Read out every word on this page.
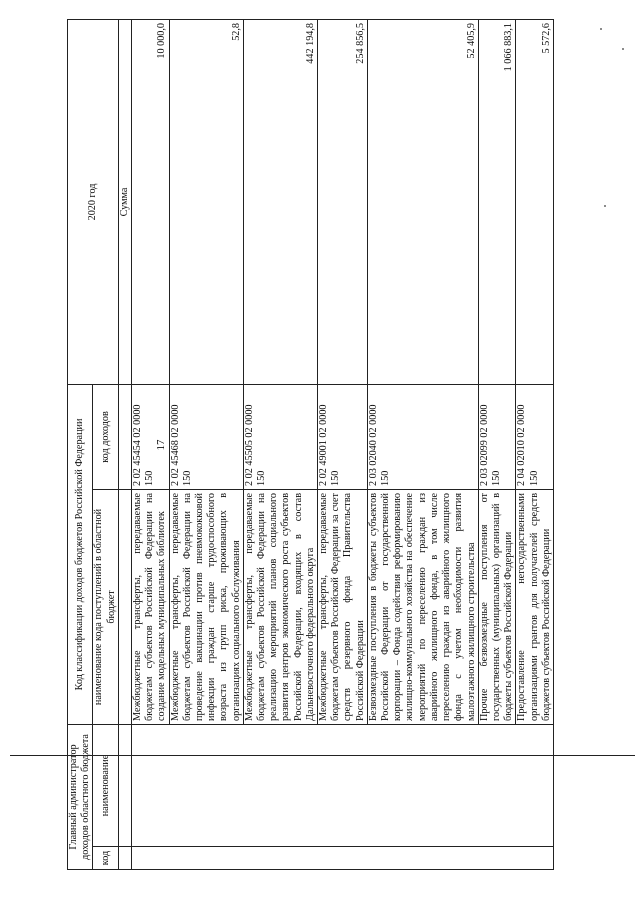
17
Главный администратор доходов областного бюджета		Код классификации доходов бюджетов Российской Федерации		2020 год
код	наименование	наименование кода поступлений в областной бюджет	код доходов	
				Сумма
		Межбюджетные трансферты, передаваемые бюджетам субъектов Российской Федерации на создание модельных муниципальных библиотек	2 02 45454 02 0000 150	10 000,0
		Межбюджетные трансферты, передаваемые бюджетам субъектов Российской Федерации на проведение вакцинации против пневмококковой инфекции граждан старше трудоспособного возраста из групп риска, проживающих в организациях социального обслуживания	2 02 45468 02 0000 150	52,8
		Межбюджетные трансферты, передаваемые бюджетам субъектов Российской Федерации на реализацию мероприятий планов социального развития центров экономического роста субъектов Российской Федерации, входящих в состав Дальневосточного федерального округа	2 02 45505 02 0000 150	442 194,8
		Межбюджетные трансферты, передаваемые бюджетам субъектов Российской Федерации за счет средств резервного фонда Правительства Российской Федерации	2 02 49001 02 0000 150	254 856,5
		Безвозмездные поступления в бюджеты субъектов Российской Федерации от государственной корпорации – Фонда содействия реформированию жилищно-коммунального хозяйства на обеспечение мероприятий по переселению граждан из аварийного жилищного фонда, в том числе переселению граждан из аварийного жилищного фонда с учетом необходимости развития малоэтажного жилищного строительства	2 03 02040 02 0000 150	52 405,9
		Прочие безвозмездные поступления от государственных (муниципальных) организаций в бюджеты субъектов Российской Федерации	2 03 02099 02 0000 150	1 066 883,1
		Предоставление негосударственными организациями грантов для получателей средств бюджетов субъектов Российской Федерации	2 04 02010 02 0000 150	5 572,6
